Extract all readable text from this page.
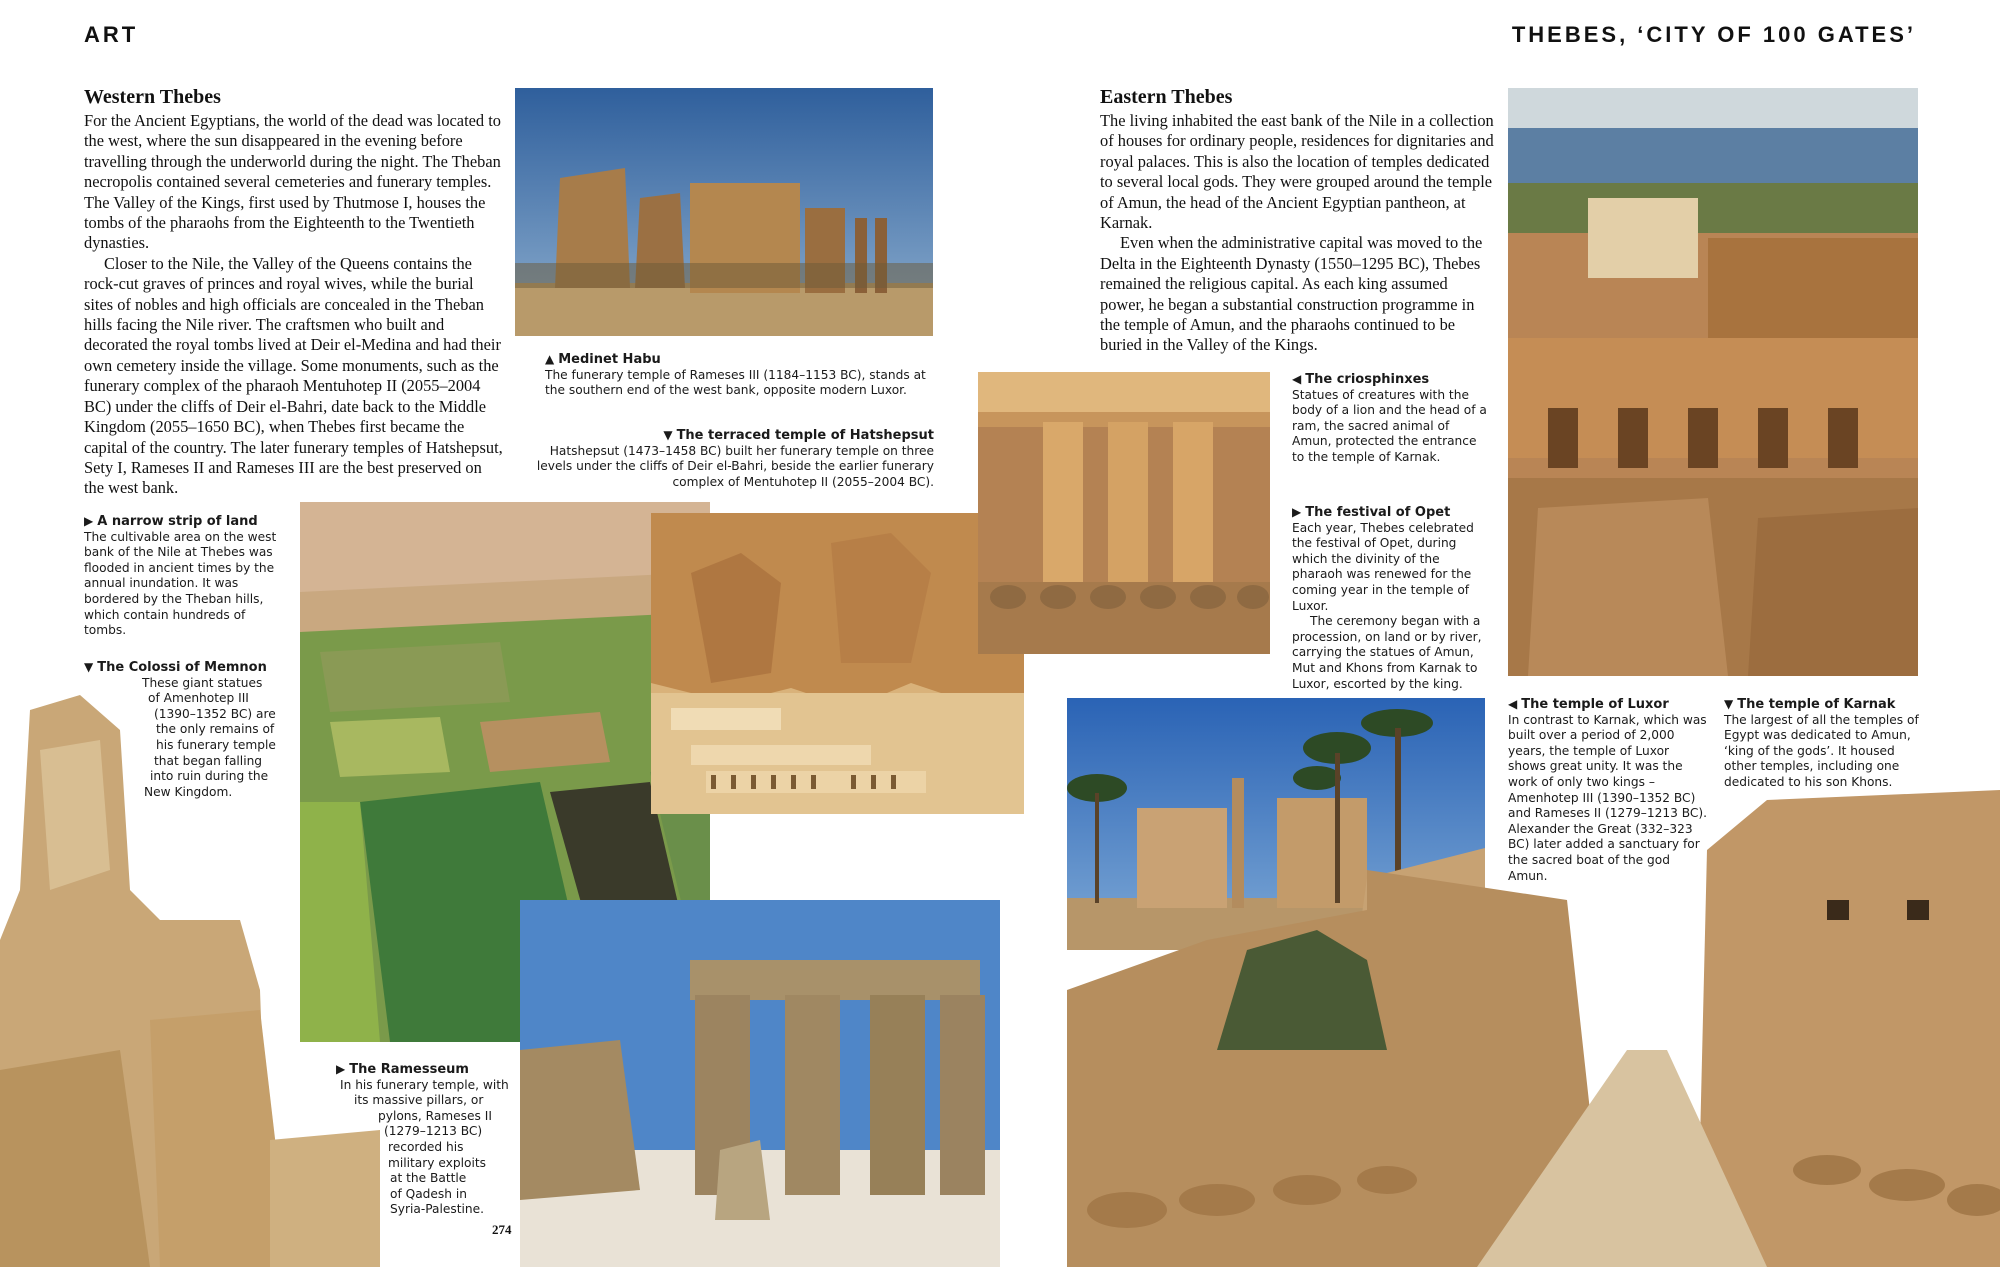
ART	THEBES, ‘CITY OF 100 GATES’
Western Thebes

For the Ancient Egyptians, the world of the dead was located to the west, where the sun disappeared in the evening before travelling through the underworld during the night. The Theban necropolis contained several cemeteries and funerary temples. The Valley of the Kings, first used by Thutmose I, houses the tombs of the pharaohs from the Eighteenth to the Twentieth dynasties.

Closer to the Nile, the Valley of the Queens contains the rock-cut graves of princes and royal wives, while the burial sites of nobles and high officials are concealed in the Theban hills facing the Nile river. The craftsmen who built and decorated the royal tombs lived at Deir el-Medina and had their own cemetery inside the village. Some monuments, such as the funerary complex of the pharaoh Mentuhotep II (2055–2004 BC) under the cliffs of Deir el-Bahri, date back to the Middle Kingdom (2055–1650 BC), when Thebes first became the capital of the country. The later funerary temples of Hatshepsut, Sety I, Rameses II and Rameses III are the best preserved on the west bank.

Eastern Thebes

The living inhabited the east bank of the Nile in a collection of houses for ordinary people, residences for dignitaries and royal palaces. This is also the location of temples dedicated to several local gods. They were grouped around the temple of Amun, the head of the Ancient Egyptian pantheon, at Karnak.

Even when the administrative capital was moved to the Delta in the Eighteenth Dynasty (1550–1295 BC), Thebes remained the religious capital. As each king assumed power, he began a substantial construction programme in the temple of Amun, and the pharaohs continued to be buried in the Valley of the Kings.

▲ Medinet Habu
The funerary temple of Rameses III (1184–1153 BC), stands at the southern end of the west bank, opposite modern Luxor.
▼ The terraced temple of Hatshepsut
Hatshepsut (1473–1458 BC) built her funerary temple on three levels under the cliffs of Deir el-Bahri, beside the earlier funerary complex of Mentuhotep II (2055–2004 BC).
▶ A narrow strip of land
The cultivable area on the west bank of the Nile at Thebes was flooded in ancient times by the annual inundation. It was bordered by the Theban hills, which contain hundreds of tombs.
▼ The Colossi of Memnon
These giant statues
of Amenhotep III
(1390–1352 BC) are
the only remains of
his funerary temple
that began falling
into ruin during the
New Kingdom.
▶ The Ramesseum
In his funerary temple, with
its massive pillars, or
pylons, Rameses II
(1279–1213 BC)
recorded his
military exploits
at the Battle
of Qadesh in
Syria-Palestine.
274
◀ The criosphinxes
Statues of creatures with the body of a lion and the head of a ram, the sacred animal of Amun, protected the entrance to the temple of Karnak.
▶ The festival of Opet
Each year, Thebes celebrated the festival of Opet, during which the divinity of the pharaoh was renewed for the coming year in the temple of Luxor.
The ceremony began with a procession, on land or by river, carrying the statues of Amun, Mut and Khons from Karnak to Luxor, escorted by the king.
◀ The temple of Luxor
In contrast to Karnak, which was built over a period of 2,000 years, the temple of Luxor shows great unity. It was the work of only two kings – Amenhotep III (1390–1352 BC) and Rameses II (1279–1213 BC). Alexander the Great (332–323 BC) later added a sanctuary for the sacred boat of the god Amun.
▼ The temple of Karnak
The largest of all the temples of Egypt was dedicated to Amun, ‘king of the gods’. It housed other temples, including one dedicated to his son Khons.
